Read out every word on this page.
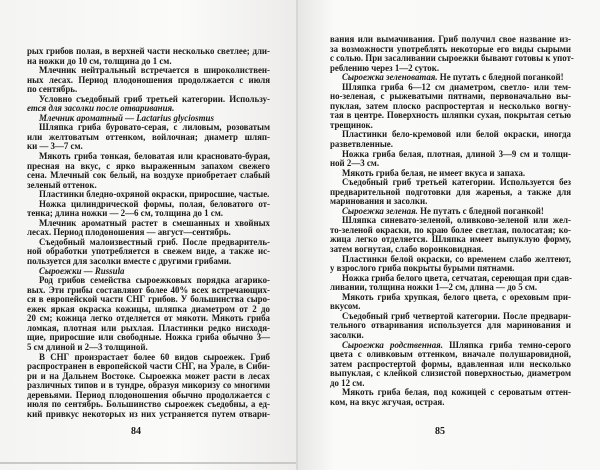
рых грибов полая, в верхней части несколько светлее; дли-
на ножки до 10 см, толщина до 1 см.
Млечник нейтральный встречается в широколиствен-
ных лесах. Период плодоношения продолжается с июля
по сентябрь.
Условно съедобный гриб третьей категории. Использу-
ется для засолки после отваривания.
Млечник ароматный — Lactarius glyciosmus
Шляпка гриба буровато-серая, с лиловым, розоватым
или желтоватым оттенком, войлочная; диаметр шляп-
ки — 3—7 см.
Мякоть гриба тонкая, беловатая или красновато-бурая,
пресная на вкус, с ярко выраженным запахом свежего
сена. Млечный сок белый, на воздухе приобретает слабый
зеленый оттенок.
Пластинки бледно-охряной окраски, приросшие, частые.
Ножка цилиндрической формы, полая, беловатого от-
тенка; длина ножки — 2—6 см, толщина до 1 см.
Млечник ароматный растет в смешанных и хвойных
лесах. Период плодоношения — август—сентябрь.
Съедобный малоизвестный гриб. После предваритель-
ной обработки употребляется в свежем виде, а также ис-
пользуется для засолки вместе с другими грибами.
Сыроежки — Russula
Род грибов семейства сыроежковых порядка агарико-
вых. Эти грибы составляют более 40% всех встречающих-
ся в европейской части СНГ грибов. У большинства сыро-
ежек яркая окраска кожицы, шляпка диаметром от 2 до
20 см; кожица легко отделяется от мякоти. Мякоть гриба
ломкая, плотная или рыхлая. Пластинки редко нисходя-
щие, приросшие или свободные. Ножка гриба обычно 3—
5 см длиной и 2—3 толщиной.
В СНГ произрастает более 60 видов сыроежек. Гриб
распространен в европейской части СНГ, на Урале, в Сиби-
ри и на Дальнем Востоке. Сыроежка может расти в лесах
различных типов и в тундре, образуя микоризу со многими
деревьями. Период плодоношения обычно продолжается с
июля по сентябрь. Большинство сыроежек съедобны, а ед-
кий привкус некоторых из них устраняется путем отвари-
84
вания или вымачивания. Гриб получил свое название из-
за возможности употреблять некоторые его виды сырыми
с солью. При засаливании сыроежки бывают готовы к упот-
реблению через 1—2 суток.
Сыроежка зеленоватая. Не путать с бледной поганкой!
Шляпка гриба 6—12 см диаметром, светло- или тем-
но-зеленая, с рыжеватыми пятнами, первоначально вы-
пуклая, затем плоско распростертая и несколько вогну-
тая в центре. Поверхность шляпки сухая, покрытая сетью
трещинок.
Пластинки бело-кремовой или белой окраски, иногда
разветвленные.
Ножка гриба белая, плотная, длиной 3—9 см и толщи-
ной 2—3 см.
Мякоть гриба белая, не имеет вкуса и запаха.
Съедобный гриб третьей категории. Используется без
предварительной подготовки для жаренья, а также для
маринования и засолки.
Сыроежка зеленая. Не путать с бледной поганкой!
Шляпка синевато-зеленой, оливково-зеленой или жел-
то-зеленой окраски, по краю более светлая, полосатая; ко-
жица легко отделяется. Шляпка имеет выпуклую форму,
затем вогнутая, слабо воронковидная.
Пластинки белой окраски, со временем слабо желтеют,
у взрослого гриба покрыты бурыми пятнами.
Ножка гриба белого цвета, сетчатая, сереющая при сдав-
ливании, толщина ножки 1—2 см, длина — до 5 см.
Мякоть гриба хрупкая, белого цвета, с ореховым при-
вкусом.
Съедобный гриб четвертой категории. После предвари-
тельного отваривания используется для маринования и
засолки.
Сыроежка родственная. Шляпка гриба темно-серого
цвета с оливковым оттенком, вначале полушаровидной,
затем распростертой формы, вдавленная или несколько
выпуклая, с клейкой слизистой поверхностью, диаметром
до 12 см.
Мякоть гриба белая, под кожицей с сероватым оттен-
ком, на вкус жгучая, острая.
85
